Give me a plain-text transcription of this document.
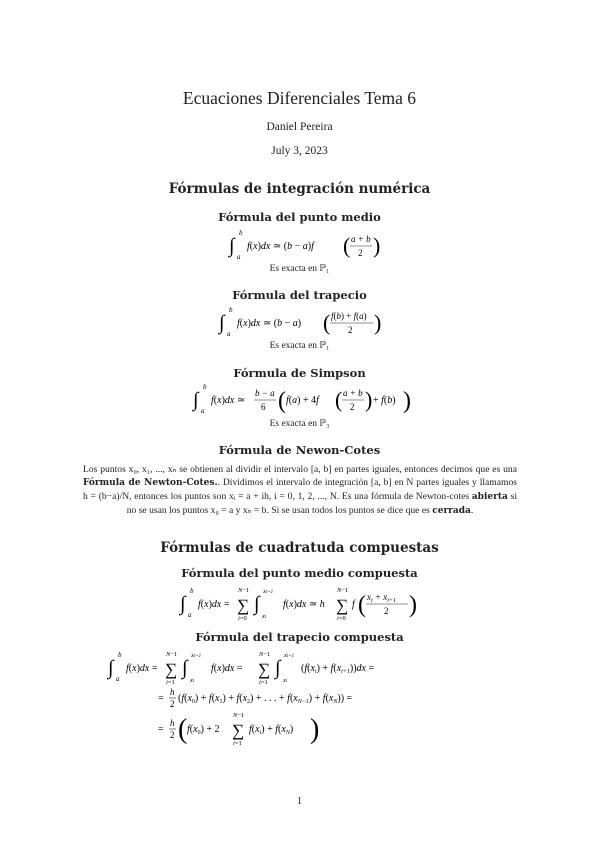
Ecuaciones Diferenciales Tema 6
Daniel Pereira
July 3, 2023
Fórmulas de integración numérica
Fórmula del punto medio
∫
b
a
f(x)dx ≃ (b − a)f ( a + b
2 )
Es exacta en ℙ₁
Fórmula del trapecio
∫
b
a
f(x)dx ≃ (b − a) ( f(b) + f(a)
2 )
Es exacta en ℙ₁
Fórmula de Simpson
∫
b
a
f(x)dx ≃
b − a
6 ( f(a) + 4f ( a + b
2 ) + f(b) )
Es exacta en ℙ₃
Fórmula de Newon-Cotes
Los puntos x₀, x₁, ..., xₙ se obtienen al dividir el intervalo [a, b] en partes iguales, entonces decimos que es una Fórmula de Newton-Cotes.. Dividimos el intervalo de integración [a, b] en N partes iguales y llamamos h = (b−a)/N, entonces los puntos son xᵢ = a + ih, i = 0, 1, 2, ..., N. Es una fórmula de Newton-cotes abierta si no se usan los puntos x₀ = a y xₙ = b. Si se usan todos los puntos se dice que es cerrada.
Fórmulas de cuadratuda compuestas
Fórmula del punto medio compuesta
∫
b
a
f(x)dx =
N−1
∑
i=0
∫
xi+1
xi
f(x)dx ≃ h
N−1
∑
i=0
f ( $x_i + x_{i+1}$
2 )
Fórmula del trapecio compuesta
∫
b
a
f(x)dx =
N−1
∑
i=1
∫
xi+1
xi
f(x)dx =
N−1
∑
i=1
∫
xi+1
xi
$(f(x_i) + f(x_{i+1}))dx$ =
=
h
2 ($f(x_0) + f(x_1) + f(x_2)$ + . . . + $f(x_{N-1}) + f(x_N)$) =
=
h
2 ( $f(x_0) + 2$
N−1
∑
i=1
$f(x_i) + f(x_N)$ )
1
